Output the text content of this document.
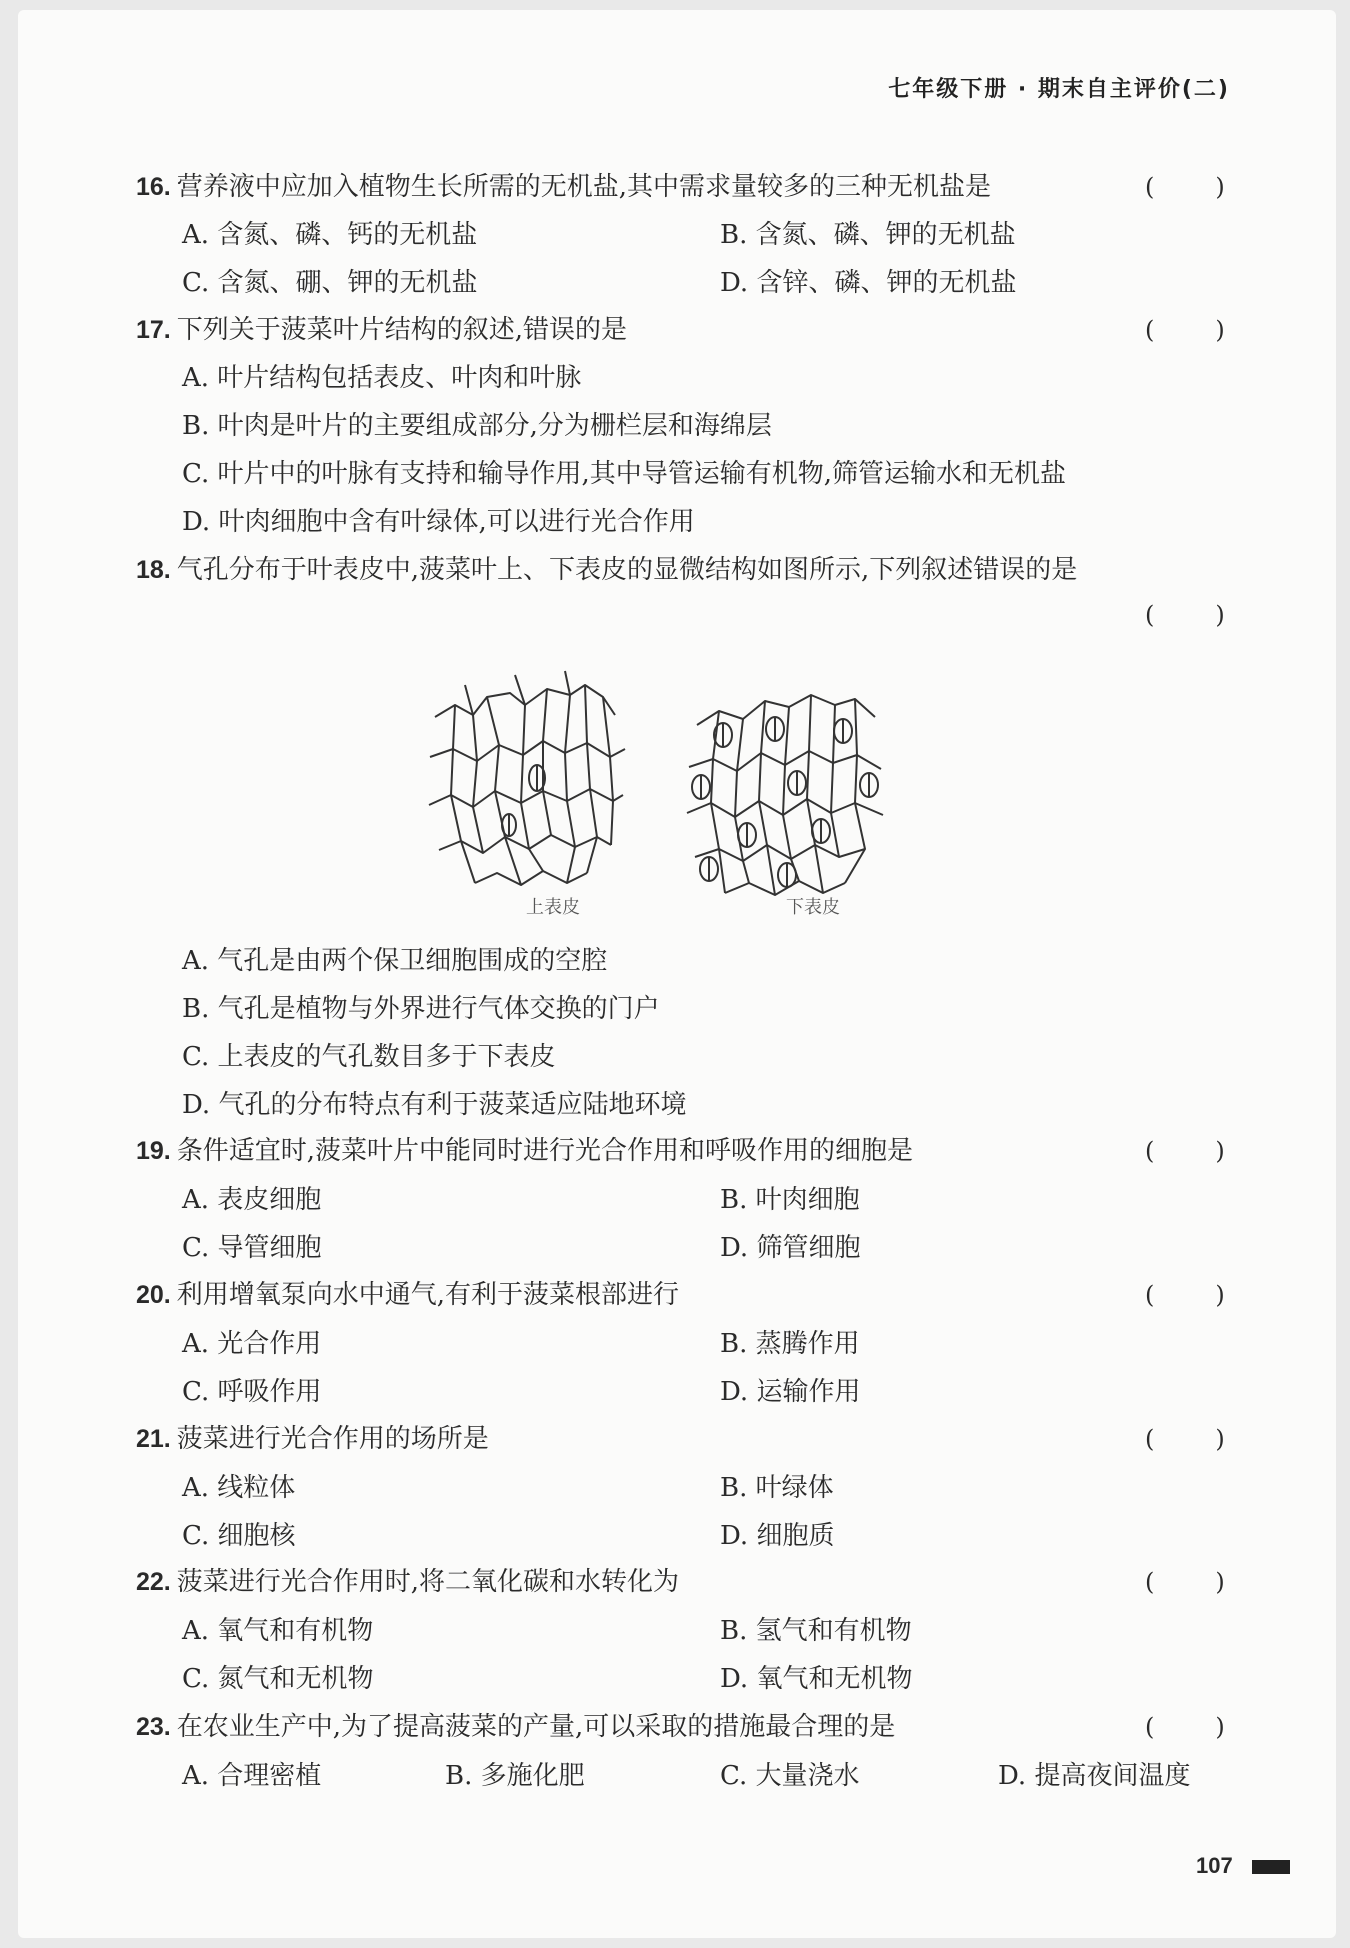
七年级下册 · 期末自主评价(二)
16. 营养液中应加入植物生长所需的无机盐,其中需求量较多的三种无机盐是	(        )
A. 含氮、磷、钙的无机盐	B. 含氮、磷、钾的无机盐
C. 含氮、硼、钾的无机盐	D. 含锌、磷、钾的无机盐
17. 下列关于菠菜叶片结构的叙述,错误的是	(        )
A. 叶片结构包括表皮、叶肉和叶脉
B. 叶肉是叶片的主要组成部分,分为栅栏层和海绵层
C. 叶片中的叶脉有支持和输导作用,其中导管运输有机物,筛管运输水和无机盐
D. 叶肉细胞中含有叶绿体,可以进行光合作用
18. 气孔分布于叶表皮中,菠菜叶上、下表皮的显微结构如图所示,下列叙述错误的是
(        )
上表皮	下表皮
A. 气孔是由两个保卫细胞围成的空腔
B. 气孔是植物与外界进行气体交换的门户
C. 上表皮的气孔数目多于下表皮
D. 气孔的分布特点有利于菠菜适应陆地环境
19. 条件适宜时,菠菜叶片中能同时进行光合作用和呼吸作用的细胞是	(        )
A. 表皮细胞	B. 叶肉细胞
C. 导管细胞	D. 筛管细胞
20. 利用增氧泵向水中通气,有利于菠菜根部进行	(        )
A. 光合作用	B. 蒸腾作用
C. 呼吸作用	D. 运输作用
21. 菠菜进行光合作用的场所是	(        )
A. 线粒体	B. 叶绿体
C. 细胞核	D. 细胞质
22. 菠菜进行光合作用时,将二氧化碳和水转化为	(        )
A. 氧气和有机物	B. 氢气和有机物
C. 氮气和无机物	D. 氧气和无机物
23. 在农业生产中,为了提高菠菜的产量,可以采取的措施最合理的是	(        )
A. 合理密植	B. 多施化肥	C. 大量浇水	D. 提高夜间温度
107
